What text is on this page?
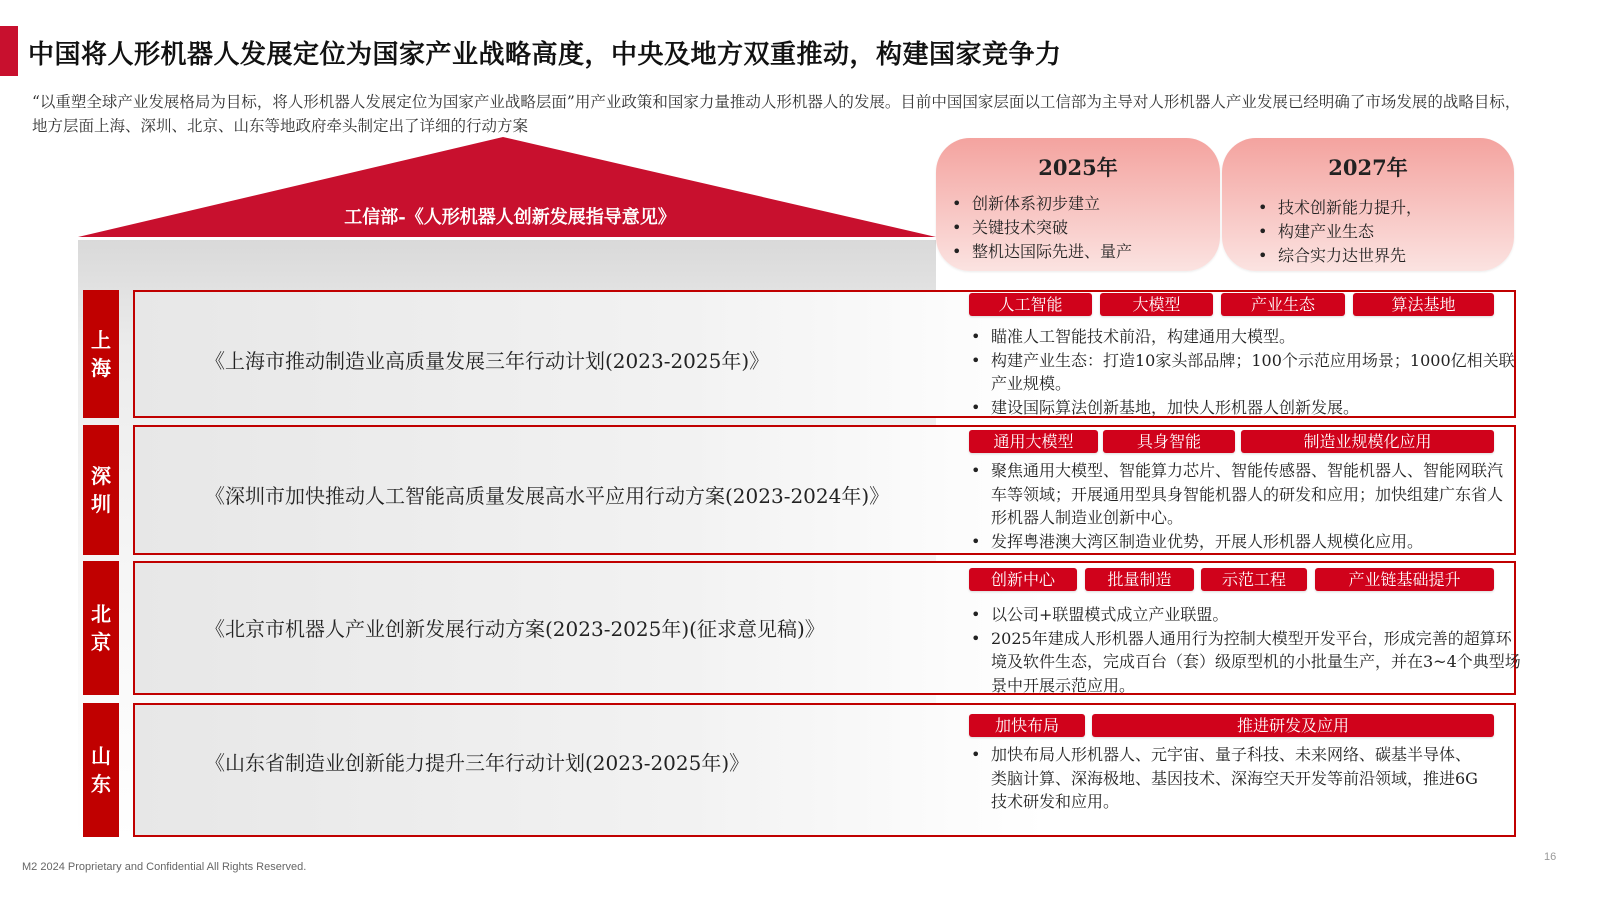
中国将人形机器人发展定位为国家产业战略高度，中央及地方双重推动，构建国家竞争力
“以重塑全球产业发展格局为目标，将人形机器人发展定位为国家产业战略层面”用产业政策和国家力量推动人形机器人的发展。目前中国国家层面以工信部为主导对人形机器人产业发展已经明确了市场发展的战略目标，地方层面上海、深圳、北京、山东等地政府牵头制定出了详细的行动方案
工信部-《人形机器人创新发展指导意见》
2025年
• 创新体系初步建立
• 关键技术突破
• 整机达国际先进、量产
2027年
• 技术创新能力提升，
• 构建产业生态
• 综合实力达世界先
上
海	《上海市推动制造业高质量发展三年行动计划(2023-2025年)》
人工智能	大模型	产业生态	算法基地
• 瞄准人工智能技术前沿，构建通用大模型。
• 构建产业生态：打造10家头部品牌；100个示范应用场景；1000亿相关联产业规模。
• 建设国际算法创新基地，加快人形机器人创新发展。
深
圳	《深圳市加快推动人工智能高质量发展高水平应用行动方案(2023-2024年)》
通用大模型	具身智能	制造业规模化应用
• 聚焦通用大模型、智能算力芯片、智能传感器、智能机器人、智能网联汽车等领域；开展通用型具身智能机器人的研发和应用；加快组建广东省人形机器人制造业创新中心。
• 发挥粤港澳大湾区制造业优势，开展人形机器人规模化应用。
北
京
《北京市机器人产业创新发展行动方案(2023-2025年)(征求意见稿)》
创新中心	批量制造	示范工程	产业链基础提升
• 以公司+联盟模式成立产业联盟。
• 2025年建成人形机器人通用行为控制大模型开发平台，形成完善的超算环境及软件生态，完成百台（套）级原型机的小批量生产，并在3~4个典型场景中开展示范应用。
山
东
《山东省制造业创新能力提升三年行动计划(2023-2025年)》
加快布局	推进研发及应用
• 加快布局人形机器人、元宇宙、量子科技、未来网络、碳基半导体、类脑计算、深海极地、基因技术、深海空天开发等前沿领域，推进6G技术研发和应用。
M2 2024 Proprietary and Confidential All Rights Reserved.
16
